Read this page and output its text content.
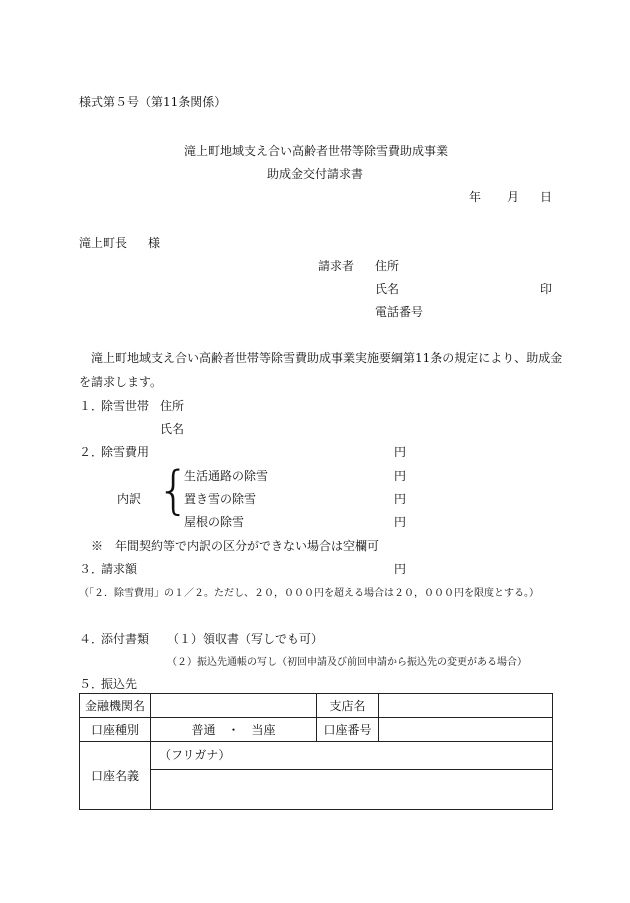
様式第５号（第11条関係）
滝上町地域支え合い高齢者世帯等除雪費助成事業
助成金交付請求書
年 月 日
滝上町長 様
請求者 住所
氏名	印
電話番号
滝上町地域支え合い高齢者世帯等除雪費助成事業実施要綱第11条の規定により、助成金
を請求します。
１．
除雪世帯 住所
氏名
２．
除雪費用	円
{
内訳
生活通路の除雪	円
置き雪の除雪	円
屋根の除雪	円
※　年間契約等で内訳の区分ができない場合は空欄可
３．
請求額	円
（「２．除雪費用」の１／２。ただし、２０，０００円を超える場合は２０，０００円を限度とする。）
４．
添付書類 （１）領収書（写しでも可）
（２）振込先通帳の写し（初回申請及び前回申請から振込先の変更がある場合）
５．
振込先
金融機関名		支店名	
口座種別	普通　・　当座	口座番号	
口座名義	（フリガナ）		
